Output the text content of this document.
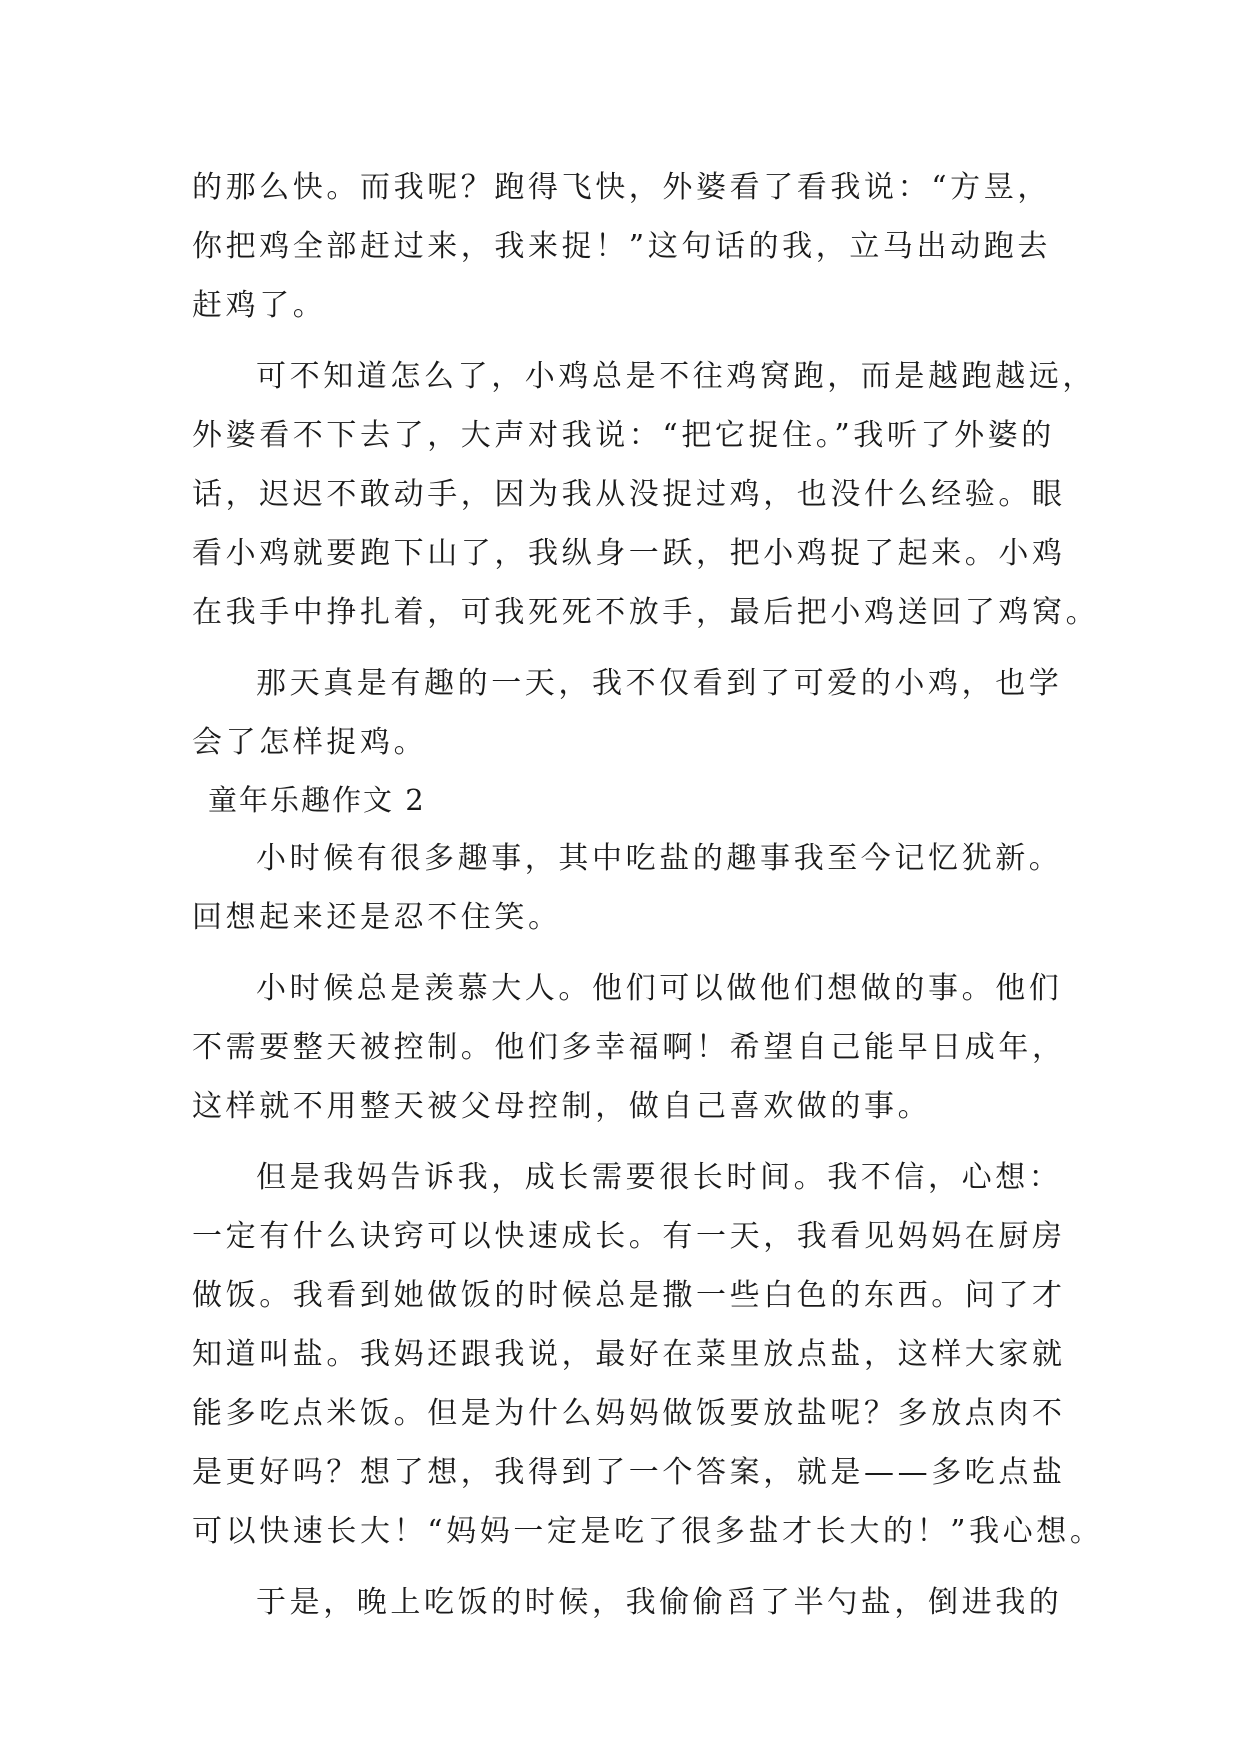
的那么快。而我呢？跑得飞快，外婆看了看我说：“方昱，
你把鸡全部赶过来，我来捉！”这句话的我，立马出动跑去
赶鸡了。
可不知道怎么了，小鸡总是不往鸡窝跑，而是越跑越远，
外婆看不下去了，大声对我说：“把它捉住。”我听了外婆的
话，迟迟不敢动手，因为我从没捉过鸡，也没什么经验。眼
看小鸡就要跑下山了，我纵身一跃，把小鸡捉了起来。小鸡
在我手中挣扎着，可我死死不放手，最后把小鸡送回了鸡窝。
那天真是有趣的一天，我不仅看到了可爱的小鸡，也学
会了怎样捉鸡。
童年乐趣作文 2
小时候有很多趣事，其中吃盐的趣事我至今记忆犹新。
回想起来还是忍不住笑。
小时候总是羡慕大人。他们可以做他们想做的事。他们
不需要整天被控制。他们多幸福啊！希望自己能早日成年，
这样就不用整天被父母控制，做自己喜欢做的事。
但是我妈告诉我，成长需要很长时间。我不信，心想：
一定有什么诀窍可以快速成长。有一天，我看见妈妈在厨房
做饭。我看到她做饭的时候总是撒一些白色的东西。问了才
知道叫盐。我妈还跟我说，最好在菜里放点盐，这样大家就
能多吃点米饭。但是为什么妈妈做饭要放盐呢？多放点肉不
是更好吗？想了想，我得到了一个答案，就是——多吃点盐
可以快速长大！“妈妈一定是吃了很多盐才长大的！”我心想。
于是，晚上吃饭的时候，我偷偷舀了半勺盐，倒进我的
